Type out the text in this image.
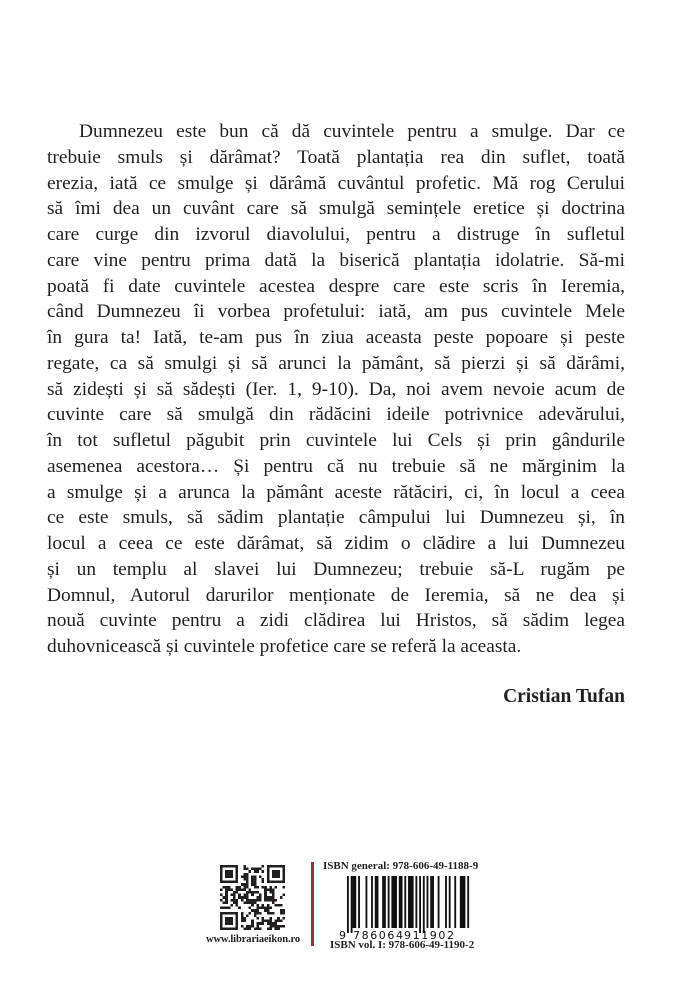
Dumnezeu este bun că dă cuvintele pentru a smulge. Dar ce
trebuie smuls și dărâmat? Toată plantația rea din suflet, toată
erezia, iată ce smulge și dărâmă cuvântul profetic. Mă rog Cerului
să îmi dea un cuvânt care să smulgă semințele eretice și doctrina
care curge din izvorul diavolului, pentru a distruge în sufletul
care vine pentru prima dată la biserică plantația idolatrie. Să-mi
poată fi date cuvintele acestea despre care este scris în Ieremia,
când Dumnezeu îi vorbea profetului: iată, am pus cuvintele Mele
în gura ta! Iată, te-am pus în ziua aceasta peste popoare și peste
regate, ca să smulgi și să arunci la pământ, să pierzi și să dărâmi,
să zidești și să sădești (Ier. 1, 9-10). Da, noi avem nevoie acum de
cuvinte care să smulgă din rădăcini ideile potrivnice adevărului,
în tot sufletul păgubit prin cuvintele lui Cels și prin gândurile
asemenea acestora… Și pentru că nu trebuie să ne mărginim la
a smulge și a arunca la pământ aceste rătăciri, ci, în locul a ceea
ce este smuls, să sădim plantație câmpului lui Dumnezeu și, în
locul a ceea ce este dărâmat, să zidim o clădire a lui Dumnezeu
și un templu al slavei lui Dumnezeu; trebuie să-L rugăm pe
Domnul, Autorul darurilor menționate de Ieremia, să ne dea și
nouă cuvinte pentru a zidi clădirea lui Hristos, să sădim legea
duhovnicească și cuvintele profetice care se referă la aceasta.
Cristian Tufan
www.librariaeikon.ro
ISBN general: 978-606-49-1188-9
9 786064 911902
ISBN vol. I: 978-606-49-1190-2
